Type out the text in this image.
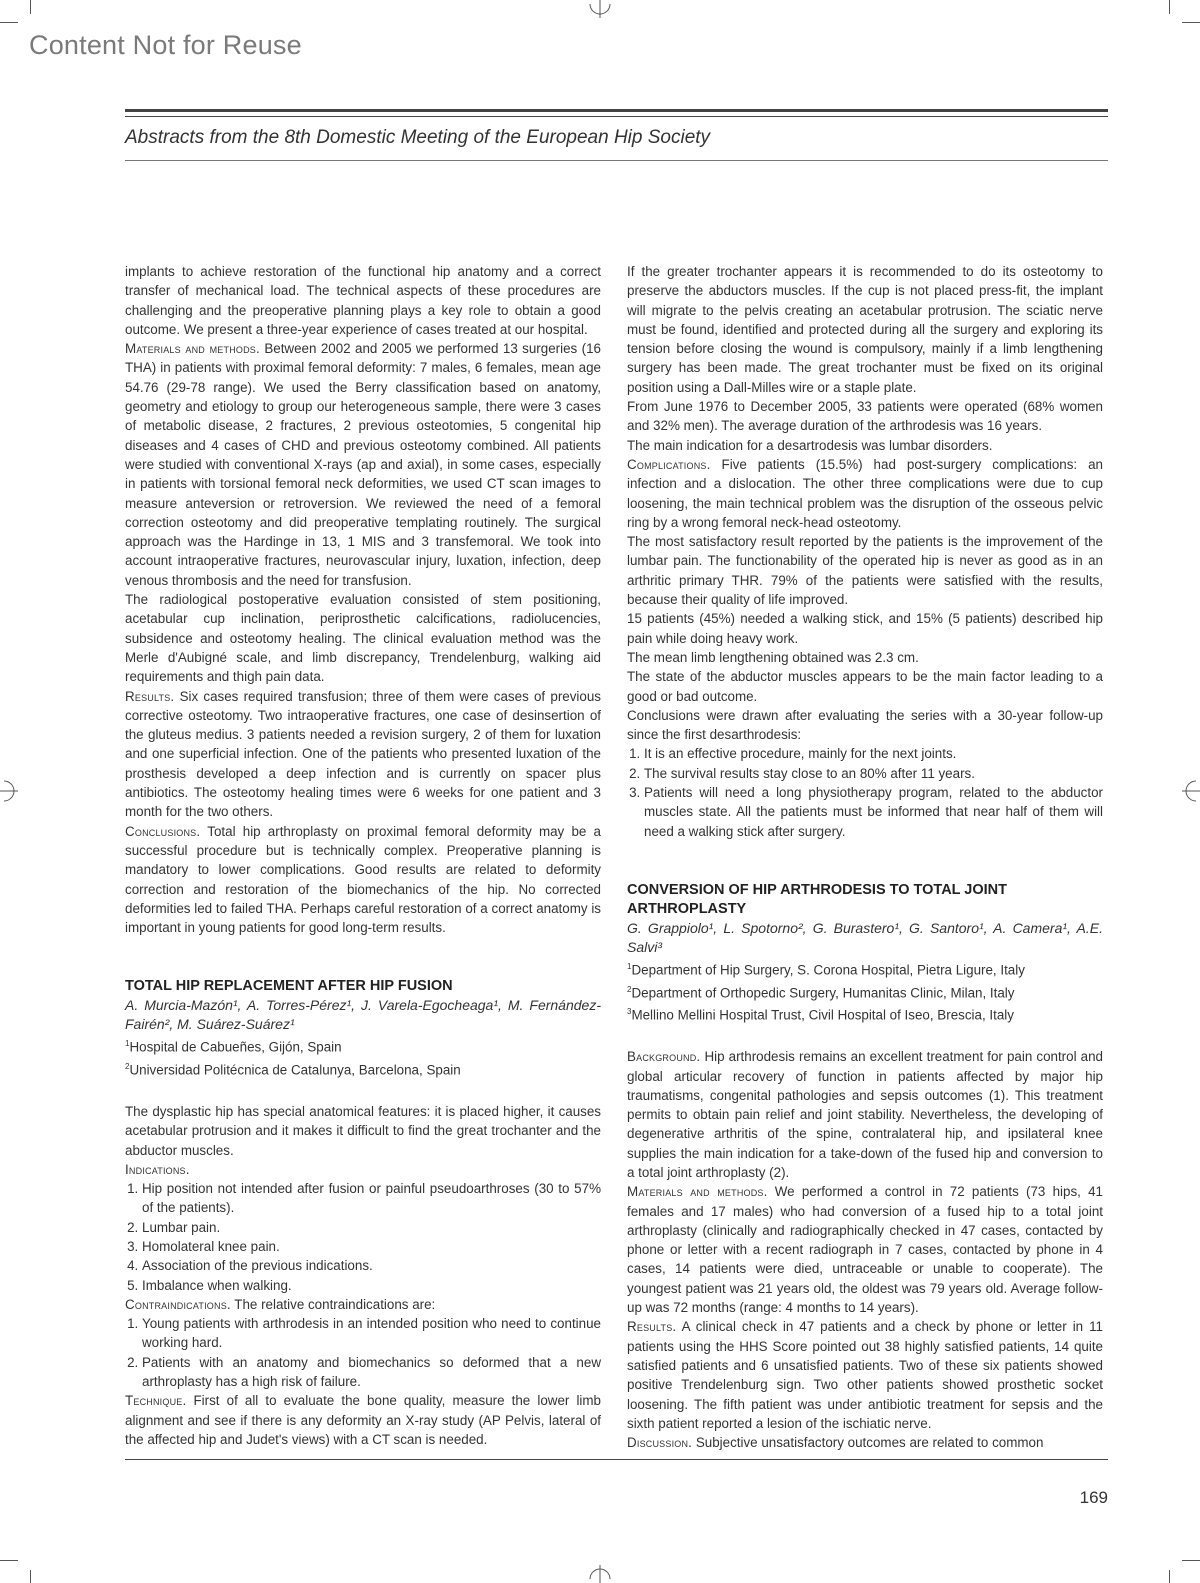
Content Not for Reuse
Abstracts from the 8th Domestic Meeting of the European Hip Society

implants to achieve restoration of the functional hip anatomy and a correct transfer of mechanical load. The technical aspects of these procedures are challenging and the preoperative planning plays a key role to obtain a good outcome. We present a three-year experience of cases treated at our hospital.

Materials and methods. Between 2002 and 2005 we performed 13 surgeries (16 THA) in patients with proximal femoral deformity: 7 males, 6 females, mean age 54.76 (29-78 range). We used the Berry classification based on anatomy, geometry and etiology to group our heterogeneous sample, there were 3 cases of metabolic disease, 2 fractures, 2 previous osteotomies, 5 congenital hip diseases and 4 cases of CHD and previous osteotomy combined. All patients were studied with conventional X-rays (ap and axial), in some cases, especially in patients with torsional femoral neck deformities, we used CT scan images to measure anteversion or retroversion. We reviewed the need of a femoral correction osteotomy and did preoperative templating routinely. The surgical approach was the Hardinge in 13, 1 MIS and 3 transfemoral. We took into account intraoperative fractures, neurovascular injury, luxation, infection, deep venous thrombosis and the need for transfusion.

The radiological postoperative evaluation consisted of stem positioning, acetabular cup inclination, periprosthetic calcifications, radiolucencies, subsidence and osteotomy healing. The clinical evaluation method was the Merle d'Aubigné scale, and limb discrepancy, Trendelenburg, walking aid requirements and thigh pain data.

Results. Six cases required transfusion; three of them were cases of previous corrective osteotomy. Two intraoperative fractures, one case of desinsertion of the gluteus medius. 3 patients needed a revision surgery, 2 of them for luxation and one superficial infection. One of the patients who presented luxation of the prosthesis developed a deep infection and is currently on spacer plus antibiotics. The osteotomy healing times were 6 weeks for one patient and 3 month for the two others.

Conclusions. Total hip arthroplasty on proximal femoral deformity may be a successful procedure but is technically complex. Preoperative planning is mandatory to lower complications. Good results are related to deformity correction and restoration of the biomechanics of the hip. No corrected deformities led to failed THA. Perhaps careful restoration of a correct anatomy is important in young patients for good long-term results.

TOTAL HIP REPLACEMENT AFTER HIP FUSION

A. Murcia-Mazón¹, A. Torres-Pérez¹, J. Varela-Egocheaga¹, M. Fernández-Fairén², M. Suárez-Suárez¹

$^1$Hospital de Cabueñes, Gijón, Spain

$^2$Universidad Politécnica de Catalunya, Barcelona, Spain

The dysplastic hip has special anatomical features: it is placed higher, it causes acetabular protrusion and it makes it difficult to find the great trochanter and the abductor muscles.

Indications.

1. Hip position not intended after fusion or painful pseudoarthroses (30 to 57% of the patients).
2. Lumbar pain.
3. Homolateral knee pain.
4. Association of the previous indications.
5. Imbalance when walking.

Contraindications. The relative contraindications are:

1. Young patients with arthrodesis in an intended position who need to continue working hard.
2. Patients with an anatomy and biomechanics so deformed that a new arthroplasty has a high risk of failure.

Technique. First of all to evaluate the bone quality, measure the lower limb alignment and see if there is any deformity an X-ray study (AP Pelvis, lateral of the affected hip and Judet's views) with a CT scan is needed.

If the greater trochanter appears it is recommended to do its osteotomy to preserve the abductors muscles. If the cup is not placed press-fit, the implant will migrate to the pelvis creating an acetabular protrusion. The sciatic nerve must be found, identified and protected during all the surgery and exploring its tension before closing the wound is compulsory, mainly if a limb lengthening surgery has been made. The great trochanter must be fixed on its original position using a Dall-Milles wire or a staple plate.

From June 1976 to December 2005, 33 patients were operated (68% women and 32% men). The average duration of the arthrodesis was 16 years.

The main indication for a desartrodesis was lumbar disorders.

Complications. Five patients (15.5%) had post-surgery complications: an infection and a dislocation. The other three complications were due to cup loosening, the main technical problem was the disruption of the osseous pelvic ring by a wrong femoral neck-head osteotomy.

The most satisfactory result reported by the patients is the improvement of the lumbar pain. The functionability of the operated hip is never as good as in an arthritic primary THR. 79% of the patients were satisfied with the results, because their quality of life improved.

15 patients (45%) needed a walking stick, and 15% (5 patients) described hip pain while doing heavy work.

The mean limb lengthening obtained was 2.3 cm.

The state of the abductor muscles appears to be the main factor leading to a good or bad outcome.

Conclusions were drawn after evaluating the series with a 30-year follow-up since the first desarthrodesis:

1. It is an effective procedure, mainly for the next joints.
2. The survival results stay close to an 80% after 11 years.
3. Patients will need a long physiotherapy program, related to the abductor muscles state. All the patients must be informed that near half of them will need a walking stick after surgery.
CONVERSION OF HIP ARTHRODESIS TO TOTAL JOINT ARTHROPLASTY

G. Grappiolo¹, L. Spotorno², G. Burastero¹, G. Santoro¹, A. Camera¹, A.E. Salvi³

$^1$Department of Hip Surgery, S. Corona Hospital, Pietra Ligure, Italy

$^2$Department of Orthopedic Surgery, Humanitas Clinic, Milan, Italy

$^3$Mellino Mellini Hospital Trust, Civil Hospital of Iseo, Brescia, Italy

Background. Hip arthrodesis remains an excellent treatment for pain control and global articular recovery of function in patients affected by major hip traumatisms, congenital pathologies and sepsis outcomes (1). This treatment permits to obtain pain relief and joint stability. Nevertheless, the developing of degenerative arthritis of the spine, contralateral hip, and ipsilateral knee supplies the main indication for a take-down of the fused hip and conversion to a total joint arthroplasty (2).

Materials and methods. We performed a control in 72 patients (73 hips, 41 females and 17 males) who had conversion of a fused hip to a total joint arthroplasty (clinically and radiographically checked in 47 cases, contacted by phone or letter with a recent radiograph in 7 cases, contacted by phone in 4 cases, 14 patients were died, untraceable or unable to cooperate). The youngest patient was 21 years old, the oldest was 79 years old. Average follow-up was 72 months (range: 4 months to 14 years).

Results. A clinical check in 47 patients and a check by phone or letter in 11 patients using the HHS Score pointed out 38 highly satisfied patients, 14 quite satisfied patients and 6 unsatisfied patients. Two of these six patients showed positive Trendelenburg sign. Two other patients showed prosthetic socket loosening. The fifth patient was under antibiotic treatment for sepsis and the sixth patient reported a lesion of the ischiatic nerve.

Discussion. Subjective unsatisfactory outcomes are related to common

169
